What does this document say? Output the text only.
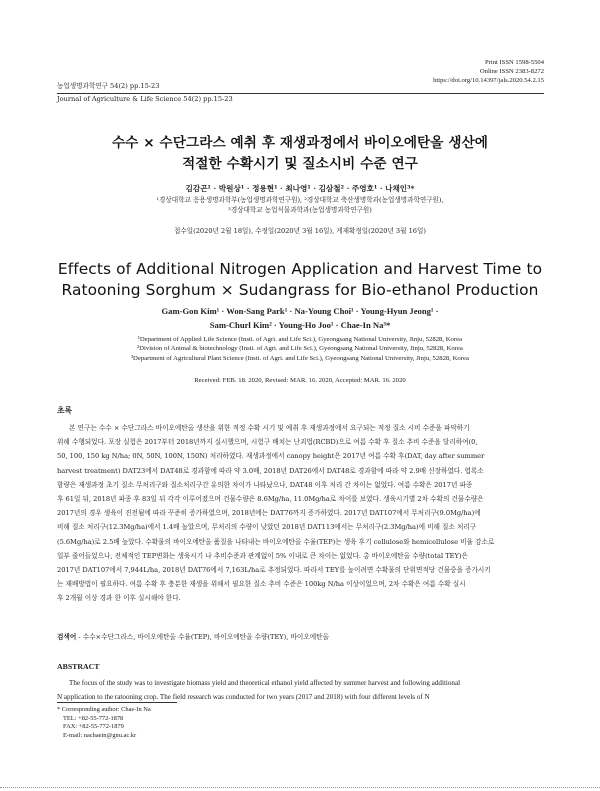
Print ISSN 1598-5504
Online ISSN 2383-8272
https://doi.org/10.14397/jals.2020.54.2.15
농업생명과학연구 54(2) pp.15-23
Journal of Agriculture & Life Science 54(2) pp.15-23
수수 × 수단그라스 예취 후 재생과정에서 바이오에탄올 생산에
적절한 수확시기 및 질소시비 수준 연구
김감곤¹ · 박원상¹ · 정용현¹ · 최나영¹ · 김삼철² · 주영호¹ · 나채인³*
¹경상대학교 응용생명과학부(농업생명과학연구원), ²경상대학교 축산생명학과(농업생명과학연구원),
³경상대학교 농업식물과학과(농업생명과학연구원)
접수일(2020년 2월 18일), 수정일(2020년 3월 16일), 게재확정일(2020년 3월 16일)
Effects of Additional Nitrogen Application and Harvest Time to
Ratooning Sorghum × Sudangrass for Bio-ethanol Production
Gam-Gon Kim¹ · Won-Sang Park¹ · Na-Young Choi¹ · Young-Hyun Jeong¹ ·
Sam-Churl Kim² · Young-Ho Joo¹ · Chae-In Na³*
¹Department of Applied Life Science (Insti. of Agri. and Life Sci.), Gyeongsang National University, Jinju, 52828, Korea
²Division of Animal & biotechnology (Insti. of Agri. and Life Sci.), Gyeongsang National University, Jinju, 52828, Korea
³Department of Agricultural Plant Science (Insti. of Agri. and Life Sci.), Gyeongsang National University, Jinju, 52828, Korea
Received: FEB. 18. 2020, Revised: MAR. 16. 2020, Accepted: MAR. 16. 2020
초록
본 연구는 수수 × 수단그라스 바이오에탄올 생산을 위한 적정 수확 시기 및 예취 후 재생과정에서 요구되는 적정 질소 시비 수준을 파악하기
위해 수행되었다. 포장 실험은 2017부터 2018년까지 실시했으며, 시험구 배치는 난괴법(RCBD)으로 여름 수확 후 질소 추비 수준을 달리하여(0,
50, 100, 150 kg N/ha; 0N, 50N, 100N, 150N) 처리하였다. 재생과정에서 canopy height은 2017년 여름 수확 후(DAT, day after summer
harvest treatment) DAT23에서 DAT48로 경과함에 따라 약 3.0배, 2018년 DAT26에서 DAT48로 경과함에 따라 약 2.9배 신장하였다. 엽록소
함량은 재생과정 초기 질소 무처리구와 질소처리구간 유의한 차이가 나타났으나, DAT48 이후 처리 간 차이는 없었다. 여름 수확은 2017년 파종
후 61일 뒤, 2018년 파종 후 83일 뒤 각각 이루어졌으며 건물수량은 8.6Mg/ha, 11.0Mg/ha로 차이를 보였다. 생육시기별 2차 수확의 건물수량은
2017년의 경우 생육이 진전됨에 따라 꾸준히 증가하였으며, 2018년에는 DAT76까지 증가하였다. 2017년 DAT107에서 무처리구(9.0Mg/ha)에
비해 질소 처리구(12.3Mg/ha)에서 1.4배 높았으며, 무처리의 수량이 낮았던 2018년 DAT113에서는 무처리구(2.3Mg/ha)에 비해 질소 처리구
(5.6Mg/ha)로 2.5배 높았다. 수확물의 바이오에탄올 품질을 나타내는 바이오에탄올 수율(TEP)는 생육 후기 cellulose와 hemicellulose 비율 감소로
일부 줄어들었으나, 전체적인 TEP변화는 생육시기 나 추비수준과 관계없이 5% 이내로 큰 차이는 없었다. 총 바이오에탄올 수량(total TEY)은
2017년 DAT107에서 7,944L/ha, 2018년 DAT76에서 7,163L/ha로 추정되었다. 따라서 TEY를 높이려면 수확물의 단위면적당 건물중을 증가시키
는 재배방법이 필요하다. 여름 수확 후 충분한 재생을 위해서 필요한 질소 추비 수준은 100kg N/ha 이상이었으며, 2차 수확은 여름 수확 실시
후 2개월 이상 경과 한 이후 실시해야 한다.
검색어 - 수수×수단그라스, 바이오에탄올 수율(TEP), 바이오에탄올 수량(TEY), 바이오에탄올
ABSTRACT
The focus of the study was to investigate biomass yield and theoretical ethanol yield affected by summer harvest and following additional
N application to the ratooning crop. The field research was conducted for two years (2017 and 2018) with four different levels of N
* Corresponding author: Chae-In Na
TEL: +82-55-772-1878
FAX: +82-55-772-1879
E-mail: nachaein@gnu.ac.kr
